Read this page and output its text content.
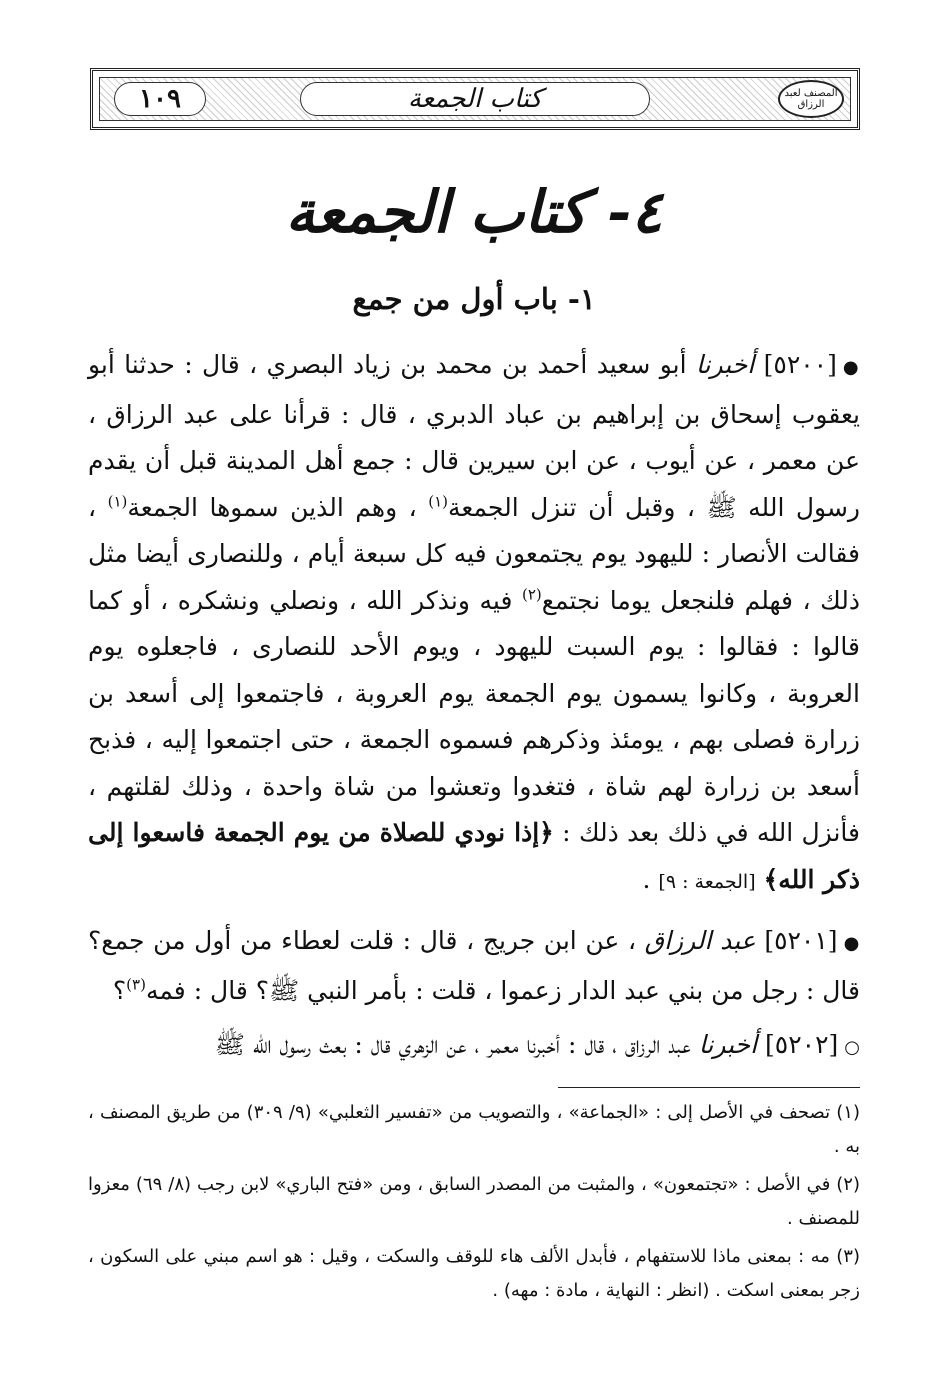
المصنف لعبد الرزاق
كتاب الجمعة
١٠٩
٤- كتاب الجمعة
١- باب أول من جمع
●[٥٢٠٠] أخبرنا أبو سعيد أحمد بن محمد بن زياد البصري ، قال : حدثنا أبو يعقوب إسحاق بن إبراهيم بن عباد الدبري ، قال : قرأنا على عبد الرزاق ، عن معمر ، عن أيوب ، عن ابن سيرين قال : جمع أهل المدينة قبل أن يقدم رسول الله ﷺ ، وقبل أن تنزل الجمعة$^{(١)}$ ، وهم الذين سموها الجمعة$^{(١)}$ ، فقالت الأنصار : لليهود يوم يجتمعون فيه كل سبعة أيام ، وللنصارى أيضا مثل ذلك ، فهلم فلنجعل يوما نجتمع$^{(٢)}$ فيه ونذكر الله ، ونصلي ونشكره ، أو كما قالوا : فقالوا : يوم السبت لليهود ، ويوم الأحد للنصارى ، فاجعلوه يوم العروبة ، وكانوا يسمون يوم الجمعة يوم العروبة ، فاجتمعوا إلى أسعد بن زرارة فصلى بهم ، يومئذ وذكرهم فسموه الجمعة ، حتى اجتمعوا إليه ، فذبح أسعد بن زرارة لهم شاة ، فتغدوا وتعشوا من شاة واحدة ، وذلك لقلتهم ، فأنزل الله في ذلك بعد ذلك : ﴿إذا نودي للصلاة من يوم الجمعة فاسعوا إلى ذكر الله﴾ [الجمعة : ٩] .
●[٥٢٠١] عبد الرزاق ، عن ابن جريج ، قال : قلت لعطاء من أول من جمع؟ قال : رجل من بني عبد الدار زعموا ، قلت : بأمر النبي ﷺ؟ قال : فمه$^{(٣)}$؟
○[٥٢٠٢] أخبرنا عبد الرزاق ، قال : أخبرنا معمر ، عن الزهري قال : بعث رسول الله ﷺ

(١) تصحف في الأصل إلى : «الجماعة» ، والتصويب من «تفسير الثعلبي» (٩/ ٣٠٩) من طريق المصنف ، به .

(٢) في الأصل : «تجتمعون» ، والمثبت من المصدر السابق ، ومن «فتح الباري» لابن رجب (٨/ ٦٩) معزوا للمصنف .

(٣) مه : بمعنى ماذا للاستفهام ، فأبدل الألف هاء للوقف والسكت ، وقيل : هو اسم مبني على السكون ، زجر بمعنى اسكت . (انظر : النهاية ، مادة : مهه) .
